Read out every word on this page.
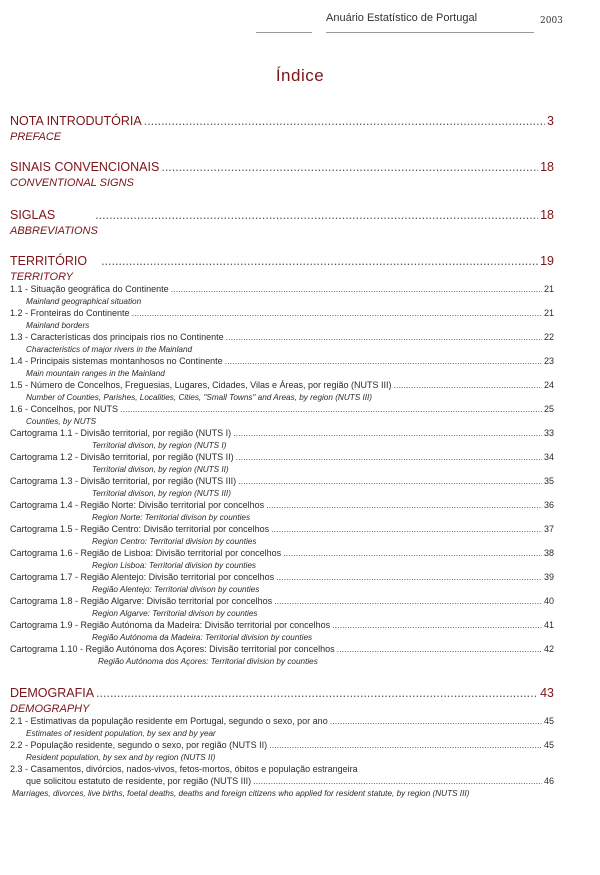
Anuário Estatístico de Portugal	2003
Índice
NOTA INTRODUTÓRIA .....	3
PREFACE
SINAIS CONVENCIONAIS .....	18
CONVENTIONAL SIGNS
SIGLAS .....	18
ABBREVIATIONS
TERRITÓRIO .....	19
TERRITORY
1.1 - Situação geográfica do Continente .....	21
Mainland geographical situation
1.2 - Fronteiras do Continente .....	21
Mainland borders
1.3 - Características dos principais rios no Continente .....	22
Characteristics of major rivers in the Mainland
1.4 - Principais sistemas montanhosos no Continente .....	23
Main mountain ranges in the Mainland
1.5 - Número de Concelhos, Freguesias, Lugares, Cidades, Vilas e Áreas, por região (NUTS III) .....	24
Number of Counties, Parishes, Localities, Cities, "Small Towns" and Areas, by region (NUTS III)
1.6 - Concelhos, por NUTS .....	25
Counties, by NUTS
Cartograma 1.1 - Divisão territorial, por região (NUTS I) .....	33
Territorial divison, by region (NUTS I)
Cartograma 1.2 - Divisão territorial, por região (NUTS II) .....	34
Territorial divison, by region (NUTS II)
Cartograma 1.3 - Divisão territorial, por região (NUTS III) .....	35
Territorial divison, by region (NUTS III)
Cartograma 1.4 - Região Norte: Divisão territorial por concelhos .....	36
Region Norte: Territorial divison by counties
Cartograma 1.5 - Região Centro: Divisão territorial por concelhos .....	37
Region Centro: Territorial division by counties
Cartograma 1.6 - Região de Lisboa: Divisão territorial por concelhos .....	38
Region Lisboa: Territorial division by counties
Cartograma 1.7 - Região Alentejo: Divisão territorial por concelhos .....	39
Região Alentejo: Territorial divison by counties
Cartograma 1.8 - Região Algarve: Divisão territorial por concelhos .....	40
Region Algarve: Territorial divison by counties
Cartograma 1.9 - Região Autónoma da Madeira: Divisão territorial por concelhos .....	41
Região Autónoma da Madeira: Territorial division by counties
Cartograma 1.10 - Região Autónoma dos Açores: Divisão territorial por concelhos .....	42
Região Autónoma dos Açores: Territorial division by counties
DEMOGRAFIA .....	43
DEMOGRAPHY
2.1 - Estimativas da população residente em Portugal, segundo o sexo, por ano .....	45
Estimates of resident population, by sex and by year
2.2 - População residente, segundo o sexo, por região (NUTS II) .....	45
Resident population, by sex and by region (NUTS II)
2.3 - Casamentos, divórcios, nados-vivos, fetos-mortos, óbitos e população estrangeira
que solicitou estatuto de residente, por região (NUTS III) .....	46
Marriages, divorces, live births, foetal deaths, deaths and foreign citizens who applied for resident statute, by region (NUTS III)
